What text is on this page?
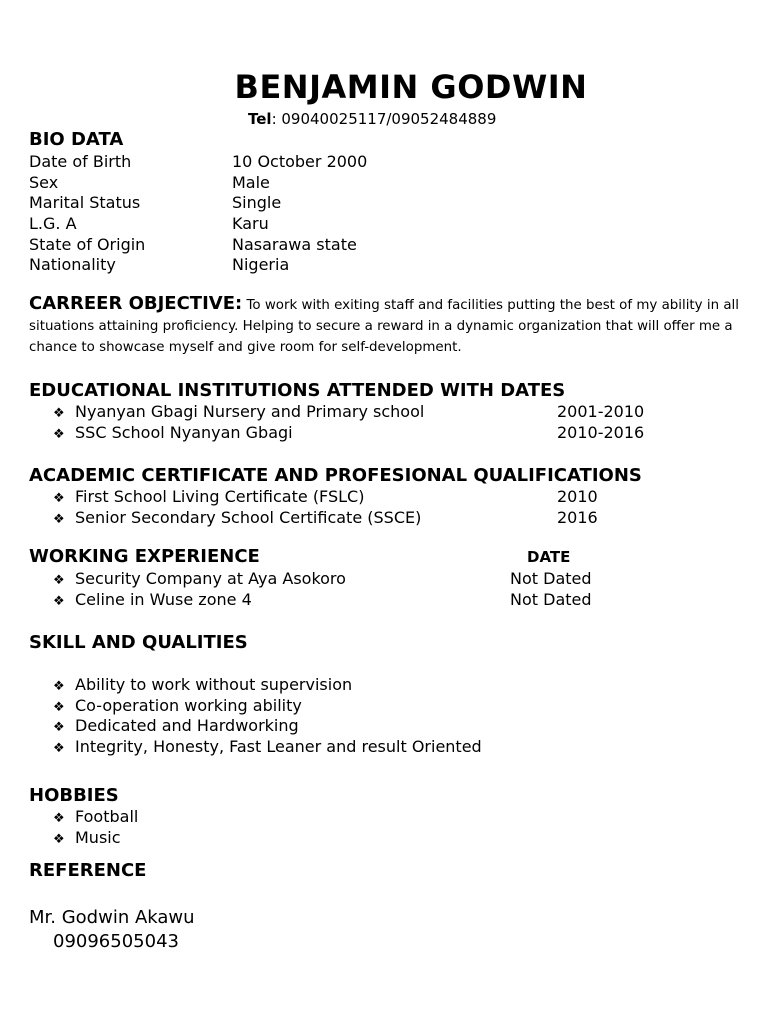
BENJAMIN GODWIN
Tel: 09040025117/09052484889
BIO DATA
Date of Birth	10 October 2000
Sex	Male
Marital Status	Single
L.G. A	Karu
State of Origin	Nasarawa state
Nationality	Nigeria

CARREER OBJECTIVE: To work with exiting staff and facilities putting the best of my ability in all situations attaining proficiency. Helping to secure a reward in a dynamic organization that will offer me a chance to showcase myself and give room for self-development.

EDUCATIONAL INSTITUTIONS ATTENDED WITH DATES
❖ Nyanyan Gbagi Nursery and Primary school	2001-2010
❖ SSC School Nyanyan Gbagi	2010-2016
ACADEMIC CERTIFICATE AND PROFESIONAL QUALIFICATIONS
❖ First School Living Certificate (FSLC)	2010
❖ Senior Secondary School Certificate (SSCE)	2016
WORKING EXPERIENCE	DATE
❖ Security Company at Aya Asokoro	Not Dated
❖ Celine in Wuse zone 4	Not Dated
SKILL AND QUALITIES
❖ Ability to work without supervision
❖ Co-operation working ability
❖ Dedicated and Hardworking
❖ Integrity, Honesty, Fast Leaner and result Oriented
HOBBIES
❖ Football
❖ Music
REFERENCE
Mr. Godwin Akawu
09096505043
